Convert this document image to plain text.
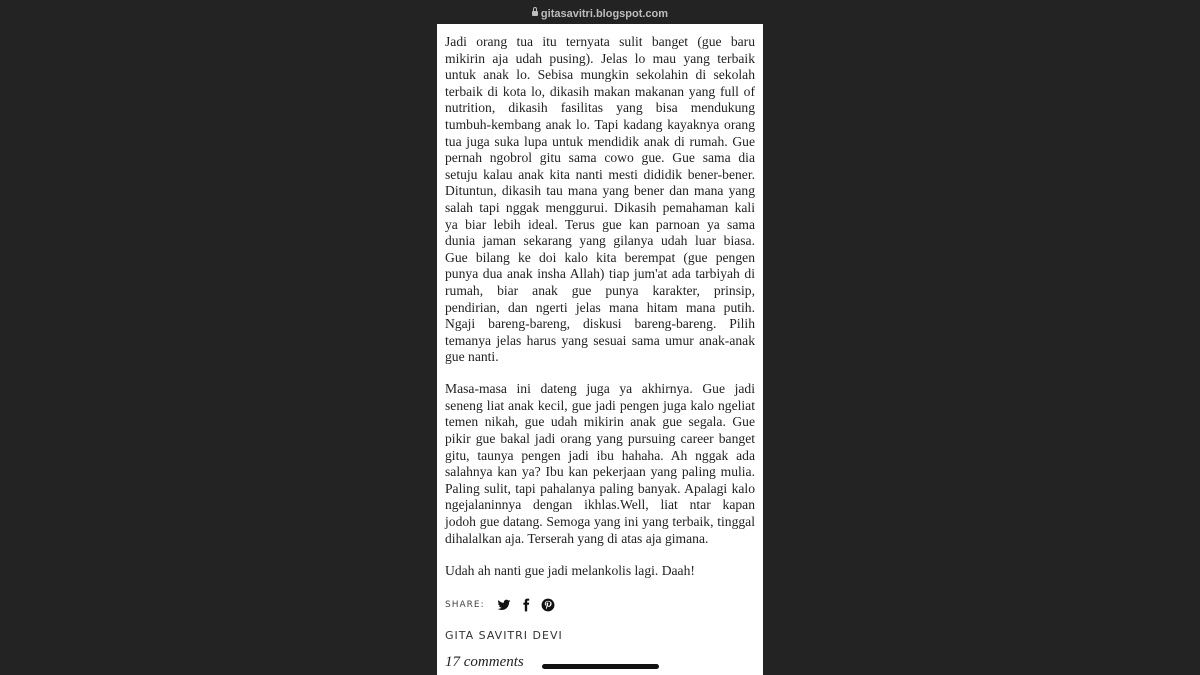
gitasavitri.blogspot.com
Jadi orang tua itu ternyata sulit banget (gue baru
mikirin aja udah pusing). Jelas lo mau yang terbaik
untuk anak lo. Sebisa mungkin sekolahin di sekolah
terbaik di kota lo, dikasih makan makanan yang full of
nutrition, dikasih fasilitas yang bisa mendukung
tumbuh-kembang anak lo. Tapi kadang kayaknya orang
tua juga suka lupa untuk mendidik anak di rumah. Gue
pernah ngobrol gitu sama cowo gue. Gue sama dia
setuju kalau anak kita nanti mesti dididik bener-bener.
Dituntun, dikasih tau mana yang bener dan mana yang
salah tapi nggak menggurui. Dikasih pemahaman kali
ya biar lebih ideal. Terus gue kan parnoan ya sama
dunia jaman sekarang yang gilanya udah luar biasa.
Gue bilang ke doi kalo kita berempat (gue pengen
punya dua anak insha Allah) tiap jum'at ada tarbiyah di
rumah, biar anak gue punya karakter, prinsip,
pendirian, dan ngerti jelas mana hitam mana putih.
Ngaji bareng-bareng, diskusi bareng-bareng. Pilih
temanya jelas harus yang sesuai sama umur anak-anak
gue nanti.
Masa-masa ini dateng juga ya akhirnya. Gue jadi
seneng liat anak kecil, gue jadi pengen juga kalo ngeliat
temen nikah, gue udah mikirin anak gue segala. Gue
pikir gue bakal jadi orang yang pursuing career banget
gitu, taunya pengen jadi ibu hahaha. Ah nggak ada
salahnya kan ya? Ibu kan pekerjaan yang paling mulia.
Paling sulit, tapi pahalanya paling banyak. Apalagi kalo
ngejalaninnya dengan ikhlas.Well, liat ntar kapan
jodoh gue datang. Semoga yang ini yang terbaik, tinggal
dihalalkan aja. Terserah yang di atas aja gimana.
Udah ah nanti gue jadi melankolis lagi. Daah!
SHARE:
GITA SAVITRI DEVI
17 comments
